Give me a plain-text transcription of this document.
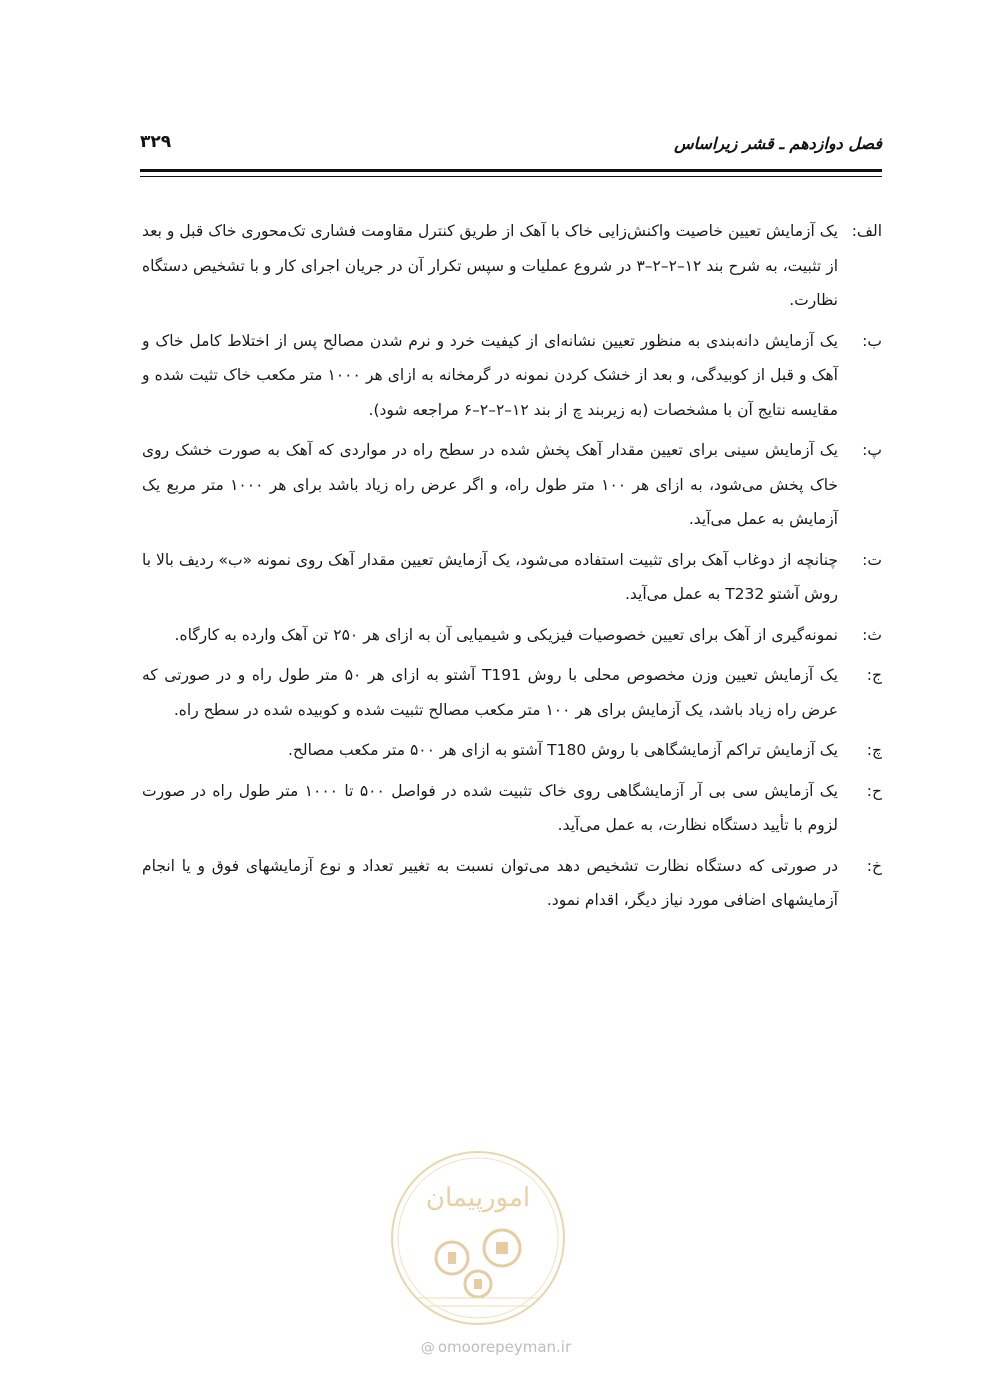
فصل دوازدهم ـ قشر زیراساس
۳۲۹
الف:
یک آزمایش تعیین خاصیت واکنش‌زایی خاک با آهک از طریق کنترل مقاومت فشاری تک‌محوری خاک قبل و بعد از تثبیت، به شرح بند ۱۲–۲–۲–۳ در شروع عملیات و سپس تکرار آن در جریان اجرای کار و با تشخیص دستگاه نظارت.
ب:
یک آزمایش دانه‌بندی به منظور تعیین نشانه‌ای از کیفیت خرد و نرم شدن مصالح پس از اختلاط کامل خاک و آهک و قبل از کوبیدگی، و بعد از خشک کردن نمونه در گرمخانه به ازای هر ۱۰۰۰ متر مکعب خاک تثیت شده و مقایسه نتایج آن با مشخصات (به زیربند چ از بند ۱۲–۲–۲–۶ مراجعه شود).
پ:
یک آزمایش سینی برای تعیین مقدار آهک پخش شده در سطح راه در مواردی که آهک به صورت خشک روی خاک پخش می‌شود، به ازای هر ۱۰۰ متر طول راه، و اگر عرض راه زیاد باشد برای هر ۱۰۰۰ متر مربع یک آزمایش به عمل می‌آید.
ت:
چنانچه از دوغاب آهک برای تثبیت استفاده می‌شود، یک آزمایش تعیین مقدار آهک روی نمونه «ب» ردیف بالا با روش آشتو T232 به عمل می‌آید.
ث:
نمونه‌گیری از آهک برای تعیین خصوصیات فیزیکی و شیمیایی آن به ازای هر ۲۵۰ تن آهک وارده به کارگاه.
ج:
یک آزمایش تعیین وزن مخصوص محلی با روش T191 آشتو به ازای هر ۵۰ متر طول راه و در صورتی که عرض راه زیاد باشد، یک آزمایش برای هر ۱۰۰ متر مکعب مصالح تثبیت شده و کوبیده شده در سطح راه.
چ:
یک آزمایش تراکم آزمایشگاهی با روش T180 آشتو به ازای هر ۵۰۰ متر مکعب مصالح.
ح:
یک آزمایش سی بی آر آزمایشگاهی روی خاک تثبیت شده در فواصل ۵۰۰ تا ۱۰۰۰ متر طول راه در صورت لزوم با تأیید دستگاه نظارت، به عمل می‌آید.
خ:
در صورتی که دستگاه نظارت تشخیص دهد می‌توان نسبت به تغییر تعداد و نوع آزمایشهای فوق و یا انجام آزمایشهای اضافی مورد نیاز دیگر، اقدام نمود.
امورپیمان
@ omoorepeyman.ir
